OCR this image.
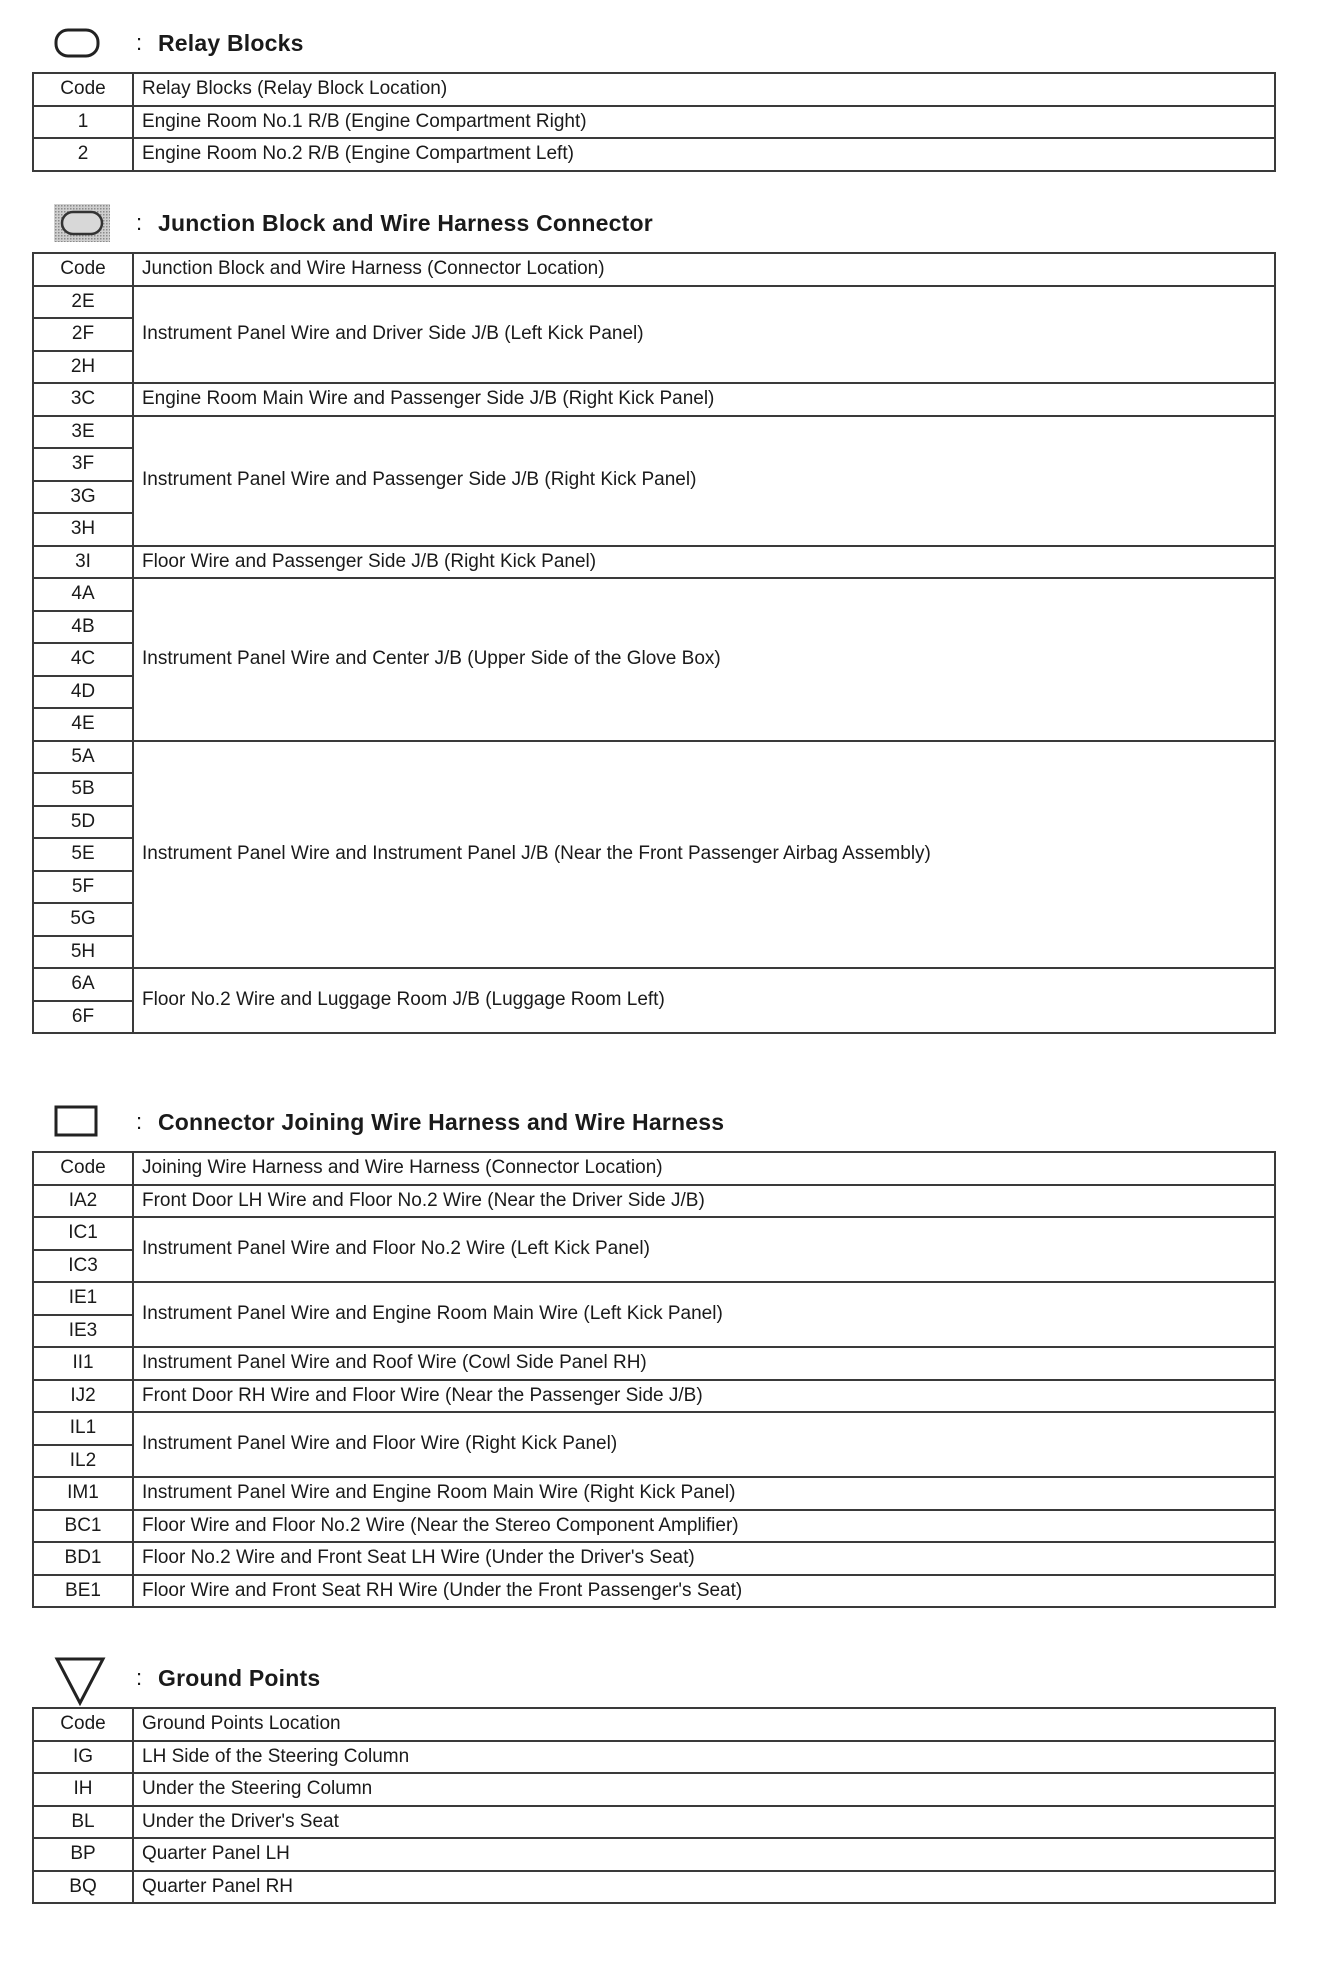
: Relay Blocks
Code	Relay Blocks (Relay Block Location)
1	Engine Room No.1 R/B (Engine Compartment Right)
2	Engine Room No.2 R/B (Engine Compartment Left)
: Junction Block and Wire Harness Connector
Code	Junction Block and Wire Harness (Connector Location)
2E	Instrument Panel Wire and Driver Side J/B (Left Kick Panel)
2F	
2H	
3C	Engine Room Main Wire and Passenger Side J/B (Right Kick Panel)
3E	Instrument Panel Wire and Passenger Side J/B (Right Kick Panel)
3F	
3G	
3H	
3I	Floor Wire and Passenger Side J/B (Right Kick Panel)
4A	Instrument Panel Wire and Center J/B (Upper Side of the Glove Box)
4B	
4C	
4D	
4E	
5A	Instrument Panel Wire and Instrument Panel J/B (Near the Front Passenger Airbag Assembly)
5B	
5D	
5E	
5F	
5G	
5H	
6A	Floor No.2 Wire and Luggage Room J/B (Luggage Room Left)
6F	
: Connector Joining Wire Harness and Wire Harness
Code	Joining Wire Harness and Wire Harness (Connector Location)
IA2	Front Door LH Wire and Floor No.2 Wire (Near the Driver Side J/B)
IC1	Instrument Panel Wire and Floor No.2 Wire (Left Kick Panel)
IC3	
IE1	Instrument Panel Wire and Engine Room Main Wire (Left Kick Panel)
IE3	
II1	Instrument Panel Wire and Roof Wire (Cowl Side Panel RH)
IJ2	Front Door RH Wire and Floor Wire (Near the Passenger Side J/B)
IL1	Instrument Panel Wire and Floor Wire (Right Kick Panel)
IL2	
IM1	Instrument Panel Wire and Engine Room Main Wire (Right Kick Panel)
BC1	Floor Wire and Floor No.2 Wire (Near the Stereo Component Amplifier)
BD1	Floor No.2 Wire and Front Seat LH Wire (Under the Driver's Seat)
BE1	Floor Wire and Front Seat RH Wire (Under the Front Passenger's Seat)
: Ground Points
Code	Ground Points Location
IG	LH Side of the Steering Column
IH	Under the Steering Column
BL	Under the Driver's Seat
BP	Quarter Panel LH
BQ	Quarter Panel RH
